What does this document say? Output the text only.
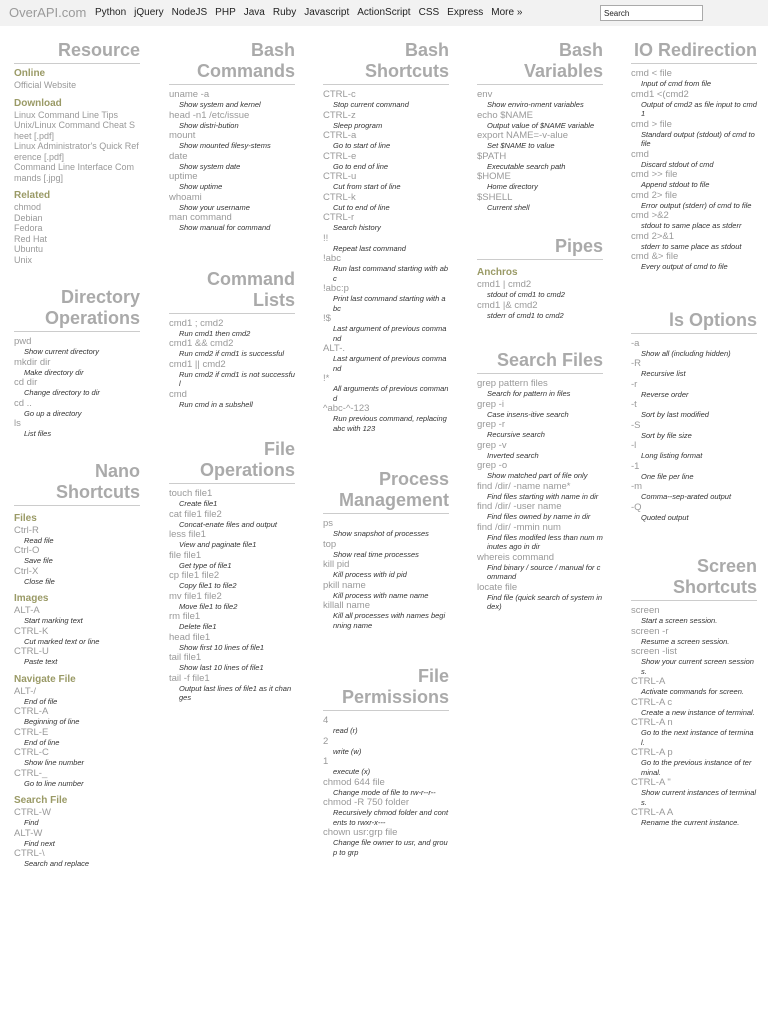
OverAPI.com Python jQuery NodeJS PHP Java Ruby Javascript ActionScript CSS Express More »
Search
Resource
Online
Official Website
Download
Linux Command Line Tips
Unix/Linux Command Cheat Sheet [.pdf]
Linux Administrator's Quick Reference [.pdf]
Command Line Interface Commands [.jpg]
Related
chmod
Debian
Fedora
Red Hat
Ubuntu
Unix
Directory Operations
pwd
Show current directory
mkdir dir
Make directory dir
cd dir
Change directory to dir
cd ..
Go up a directory
ls
List files
Nano Shortcuts
Files
Ctrl-R
Read file
Ctrl-O
Save file
Ctrl-X
Close file
Images
ALT-A
Start marking text
CTRL-K
Cut marked text or line
CTRL-U
Paste text
Navigate File
ALT-/
End of file
CTRL-A
Beginning of line
CTRL-E
End of line
CTRL-C
Show line number
CTRL-_
Go to line number
Search File
CTRL-W
Find
ALT-W
Find next
CTRL-\
Search and replace
Bash Commands
uname -a
Show system and kernel
head -n1 /etc/issue
Show distri-bution
mount
Show mounted filesy-stems
date
Show system date
uptime
Show uptime
whoami
Show your username
man command
Show manual for command
Command Lists
cmd1 ; cmd2
Run cmd1 then cmd2
cmd1 && cmd2
Run cmd2 if cmd1 is successful
cmd1 || cmd2
Run cmd2 if cmd1 is not successful
cmd
Run cmd in a subshell
File Operations
touch file1
Create file1
cat file1 file2
Concat-enate files and output
less file1
View and paginate file1
file file1
Get type of file1
cp file1 file2
Copy file1 to file2
mv file1 file2
Move file1 to file2
rm file1
Delete file1
head file1
Show first 10 lines of file1
tail file1
Show last 10 lines of file1
tail -f file1
Output last lines of file1 as it changes
Bash Shortcuts
CTRL-c
Stop current command
CTRL-z
Sleep program
CTRL-a
Go to start of line
CTRL-e
Go to end of line
CTRL-u
Cut from start of line
CTRL-k
Cut to end of line
CTRL-r
Search history
!!
Repeat last command
!abc
Run last command starting with abc
!abc:p
Print last command starting with abc
!$
Last argument of previous command
ALT-.
Last argument of previous command
!*
All arguments of previous command
^abc-^-123
Run previous command, replacing abc with 123
Process Management
ps
Show snapshot of processes
top
Show real time processes
kill pid
Kill process with id pid
pkill name
Kill process with name name
killall name
Kill all processes with names beginning name
File Permissions
4
read (r)
2
write (w)
1
execute (x)
chmod 644 file
Change mode of file to rw-r--r--
chmod -R 750 folder
Recursively chmod folder and contents to rwxr-x---
chown usr:grp file
Change file owner to usr, and group to grp
Bash Variables
env
Show enviro-nment variables
echo $NAME
Output value of $NAME variable
export NAME=-v-alue
Set $NAME to value
$PATH
Executable search path
$HOME
Home directory
$SHELL
Current shell
Pipes
Anchros
cmd1 | cmd2
stdout of cmd1 to cmd2
cmd1 |& cmd2
stderr of cmd1 to cmd2
Search Files
grep pattern files
Search for pattern in files
grep -i
Case insens-itive search
grep -r
Recursive search
grep -v
Inverted search
grep -o
Show matched part of file only
find /dir/ -name name*
Find files starting with name in dir
find /dir/ -user name
Find files owned by name in dir
find /dir/ -mmin num
Find files modifed less than num minutes ago in dir
whereis command
Find binary / source / manual for command
locate file
Find file (quick search of system index)
IO Redirection
cmd < file
Input of cmd from file
cmd1 <(cmd2
Output of cmd2 as file input to cmd1
cmd > file
Standard output (stdout) of cmd to file
cmd
Discard stdout of cmd
cmd >> file
Append stdout to file
cmd 2> file
Error output (stderr) of cmd to file
cmd >&2
stdout to same place as stderr
cmd 2>&1
stderr to same place as stdout
cmd &> file
Every output of cmd to file
ls Options
-a
Show all (including hidden)
-R
Recursive list
-r
Reverse order
-t
Sort by last modified
-S
Sort by file size
-l
Long listing format
-1
One file per line
-m
Comma-‐sep-arated output
-Q
Quoted output
Screen Shortcuts
screen
Start a screen session.
screen -r
Resume a screen session.
screen -list
Show your current screen sessions.
CTRL-A
Activate commands for screen.
CTRL-A c
Create a new instance of terminal.
CTRL-A n
Go to the next instance of terminal.
CTRL-A p
Go to the previous instance of terminal.
CTRL-A "
Show current instances of terminals.
CTRL-A A
Rename the current instance.
